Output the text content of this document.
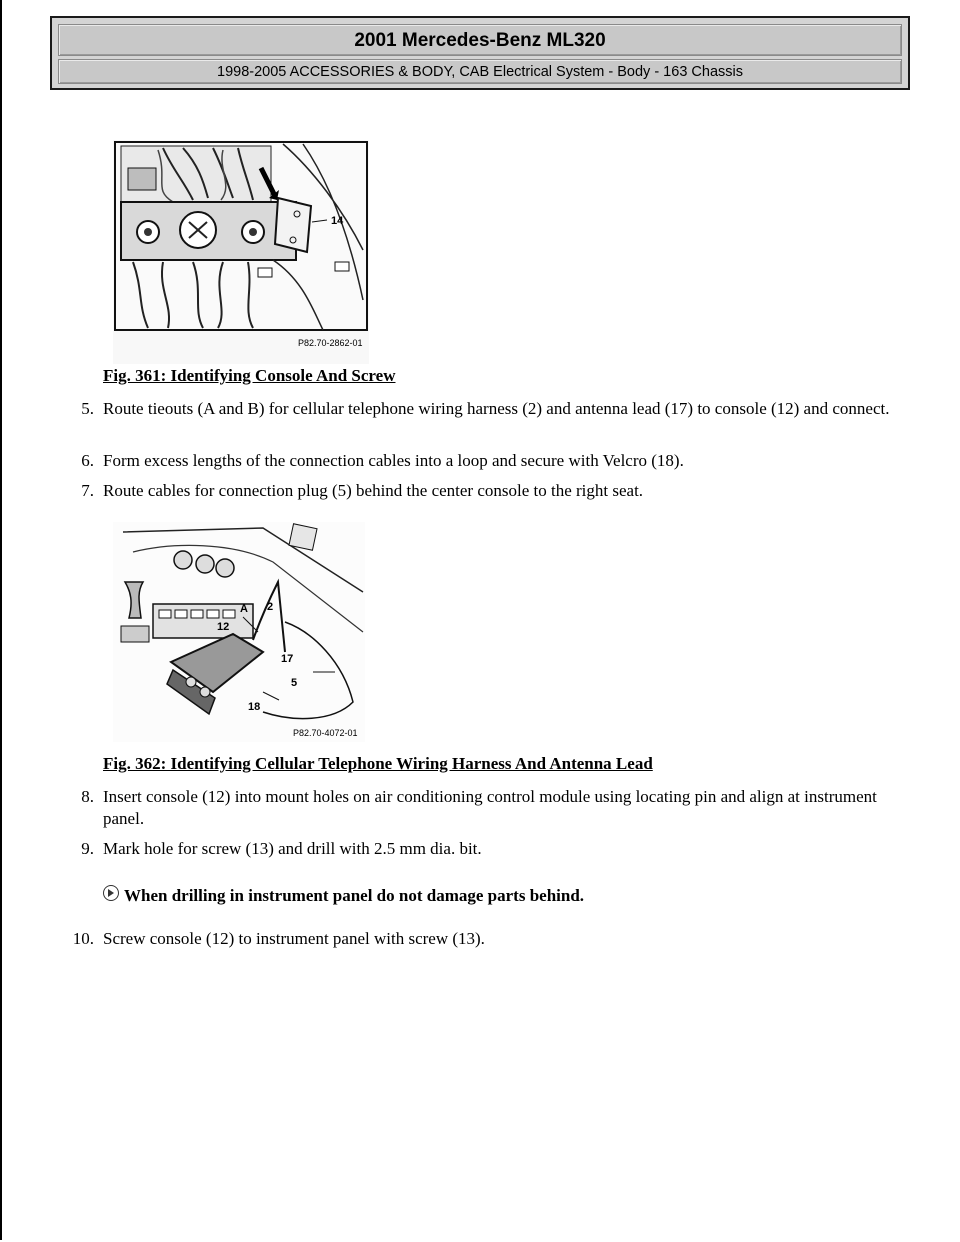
2001 Mercedes-Benz ML320
1998-2005 ACCESSORIES & BODY, CAB Electrical System - Body - 163 Chassis
14
P82.70-2862-01
Fig. 361: Identifying Console And Screw
5. Route tieouts (A and B) for cellular telephone wiring harness (2) and antenna lead (17) to console (12) and connect.
6. Form excess lengths of the connection cables into a loop and secure with Velcro (18).
7. Route cables for connection plug (5) behind the center console to the right seat.
A 2
12
17
5
18
P82.70-4072-01
Fig. 362: Identifying Cellular Telephone Wiring Harness And Antenna Lead
8. Insert console (12) into mount holes on air conditioning control module using locating pin and align at instrument panel.
9. Mark hole for screw (13) and drill with 2.5 mm dia. bit.
When drilling in instrument panel do not damage parts behind.
10. Screw console (12) to instrument panel with screw (13).
